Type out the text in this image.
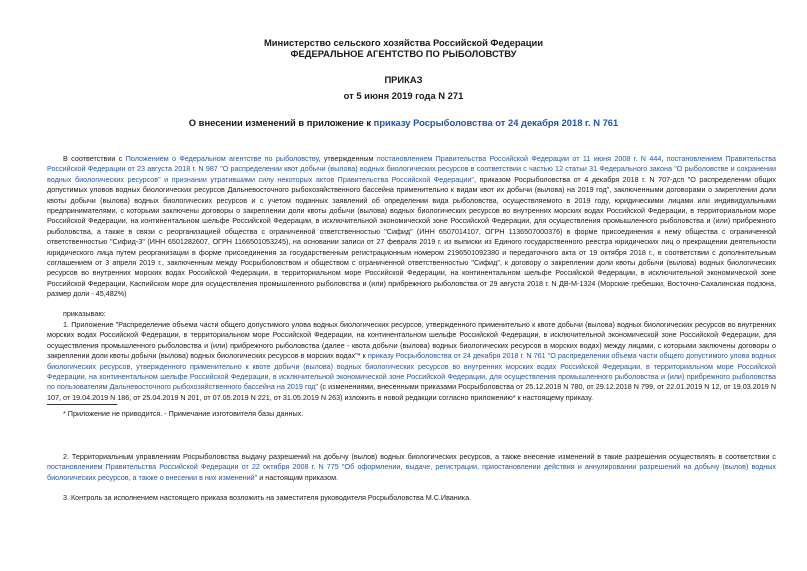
Министерство сельского хозяйства Российской Федерации
ФЕДЕРАЛЬНОЕ АГЕНТСТВО ПО РЫБОЛОВСТВУ
ПРИКАЗ
от 5 июня 2019 года N 271
О внесении изменений в приложение к приказу Росрыболовства от 24 декабря 2018 г. N 761
В соответствии с Положением о Федеральном агентстве по рыболовству, утвержденным постановлением Правительства Российской Федерации от 11 июня 2008 г. N 444, постановлением Правительства Российской Федерации от 23 августа 2018 г. N 987 "О распределении квот добычи (вылова) водных биологических ресурсов в соответствии с частью 12 статьи 31 Федерального закона "О рыболовстве и сохранении водных биологических ресурсов" и признании утратившими силу некоторых актов Правительства Российской Федерации", приказом Росрыболовства от 4 декабря 2018 г. N 707-дсп "О распределении общих допустимых уловов водных биологических ресурсов Дальневосточного рыбохозяйственного бассейна применительно к видам квот их добычи (вылова) на 2019 год", заключенными договорами о закреплении доли квоты добычи (вылова) водных биологических ресурсов и с учетом поданных заявлений об определении вида рыболовства, осуществляемого в 2019 году, юридическими лицами или индивидуальными предпринимателями, с которыми заключены договоры о закреплении доли квоты добычи (вылова) водных биологических ресурсов во внутренних морских водах Российской Федерации, в территориальном море Российской Федерации, на континентальном шельфе Российской Федерации, в исключительной экономической зоне Российской Федерации, для осуществления промышленного рыболовства и (или) прибрежного рыболовства, а также в связи с реорганизацией общества с ограниченной ответственностью "Сифид" (ИНН 6507014107, ОГРН 1136507000376) в форме присоединения к нему общества с ограниченной ответственностью "Сифид-3" (ИНН 6501282607, ОГРН 1166501053245), на основании записи от 27 февраля 2019 г. из выписки из Единого государственного реестра юридических лиц о прекращении деятельности юридического лица путем реорганизации в форме присоединения за государственным регистрационным номером 2196501092380 и передаточного акта от 19 октября 2018 г., в соответствии с дополнительным соглашением от 3 апреля 2019 г., заключенным между Росрыболовством и обществом с ограниченной ответственностью "Сифид", к договору о закреплении доли квоты добычи (вылова) водных биологических ресурсов во внутренних морских водах Российской Федерации, в территориальном море Российской Федерации, на континентальном шельфе Российской Федерации, в исключительной экономической зоне Российской Федерации, Каспийском море для осуществления промышленного рыболовства и (или) прибрежного рыболовства от 29 августа 2018 г. N ДВ-М-1324 (Морские гребешки, Восточно-Сахалинская подзона, размер доли - 45,482%)
приказываю:
1. Приложение "Распределение объема части общего допустимого улова водных биологических ресурсов, утвержденного применительно к квоте добычи (вылова) водных биологических ресурсов во внутренних морских водах Российской Федерации, в территориальном море Российской Федерации, на континентальном шельфе Российской Федерации, в исключительной экономической зоне Российской Федерации, для осуществления промышленного рыболовства и (или) прибрежного рыболовства (далее - квота добычи (вылова) водных биологических ресурсов в морских водах) между лицами, с которыми заключены договоры о закреплении доли квоты добычи (вылова) водных биологических ресурсов в морских водах"* к приказу Росрыболовства от 24 декабря 2018 г. N 761 "О распределении объема части общего допустимого улова водных биологических ресурсов, утвержденного применительно к квоте добычи (вылова) водных биологических ресурсов во внутренних морских водах Российской Федерации, в территориальном море Российской Федерации, на континентальном шельфе Российской Федерации, в исключительной экономической зоне Российской Федерации, для осуществления промышленного рыболовства и (или) прибрежного рыболовства по пользователям Дальневосточного рыбохозяйственного бассейна на 2019 год" (с изменениями, внесенными приказами Росрыболовства от 25.12.2018 N 780, от 29.12.2018 N 799, от 22.01.2019 N 12, от 19.03.2019 N 107, от 19.04.2019 N 186, от 25.04.2019 N 201, от 07.05.2019 N 221, от 31.05.2019 N 263) изложить в новой редакции согласно приложению* к настоящему приказу.
* Приложение не приводится. - Примечание изготовителя базы данных.
2. Территориальным управлениям Росрыболовства выдачу разрешений на добычу (вылов) водных биологических ресурсов, а также внесение изменений в такие разрешения осуществлять в соответствии с постановлением Правительства Российской Федерации от 22 октября 2008 г. N 775 "Об оформлении, выдаче, регистрации, приостановлении действия и аннулировании разрешений на добычу (вылов) водных биологических ресурсов, а также о внесении в них изменений" и настоящим приказом.
3. Контроль за исполнением настоящего приказа возложить на заместителя руководителя Росрыболовства М.С.Иваника.
